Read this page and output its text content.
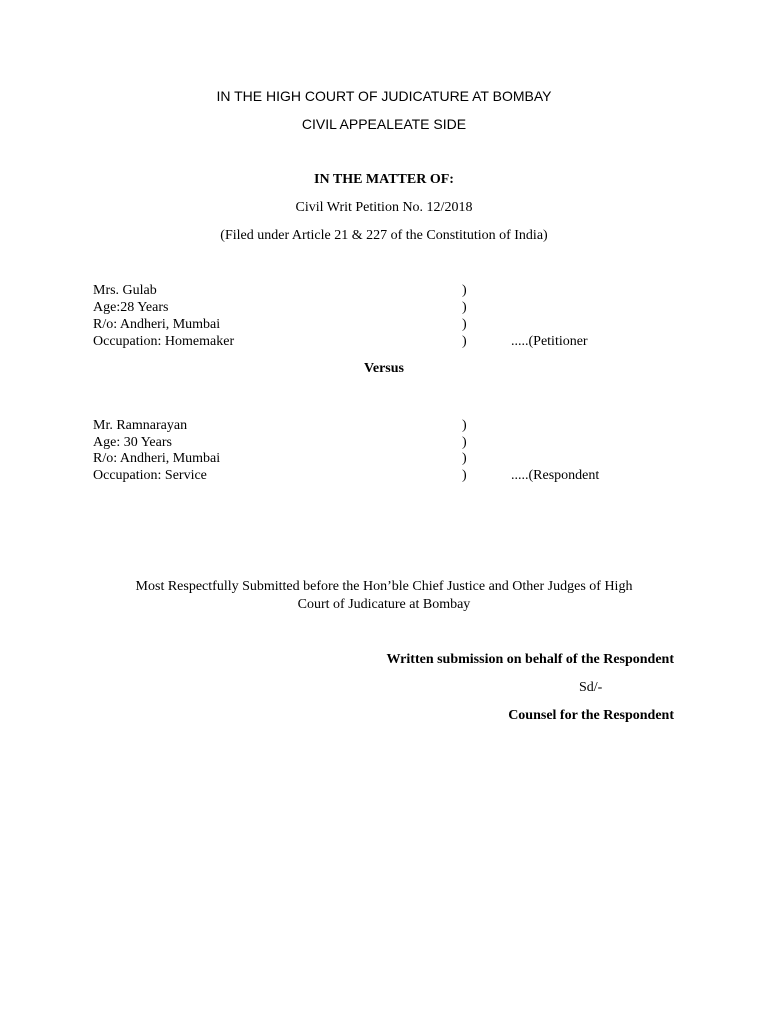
IN THE HIGH COURT OF JUDICATURE AT BOMBAY
CIVIL APPEALEATE SIDE
IN THE MATTER OF:
Civil Writ Petition No. 12/2018
(Filed under Article 21 & 227 of the Constitution of India)
Mrs. Gulab
Age:28 Years
R/o: Andheri, Mumbai
Occupation: Homemaker
)
)
)
)	.....(Petitioner
Versus
Mr. Ramnarayan
Age: 30 Years
R/o: Andheri, Mumbai
Occupation: Service
)
)
)
)	.....(Respondent
Most Respectfully Submitted before the Hon’ble Chief Justice and Other Judges of High
Court of Judicature at Bombay
Written submission on behalf of the Respondent
Sd/-
Counsel for the Respondent
